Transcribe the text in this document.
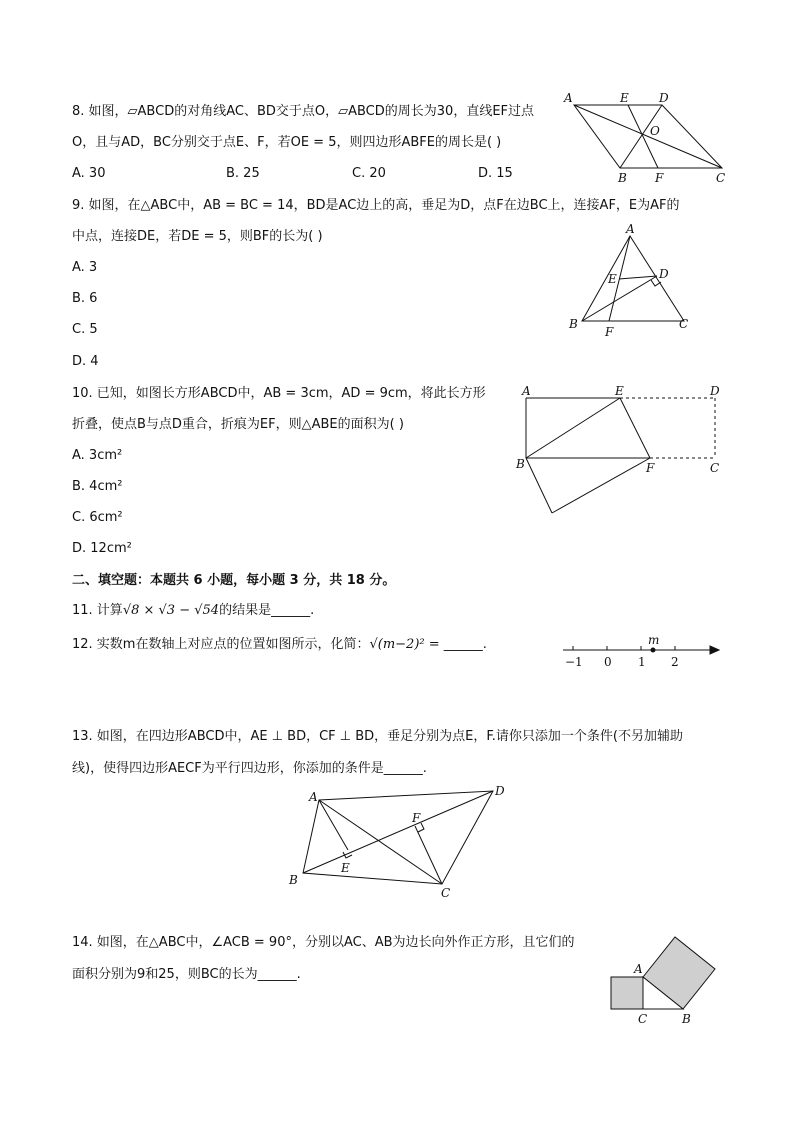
8. 如图，▱ABCD的对角线AC、BD交于点O，▱ABCD的周长为30，直线EF过点
O，且与AD，BC分别交于点E、F，若OE = 5，则四边形ABFE的周长是( )
A. 30	B. 25	C. 20	D. 15
A	E	D
O
B F	C
9. 如图，在△ABC中，AB = BC = 14，BD是AC边上的高，垂足为D，点F在边BC上，连接AF，E为AF的
中点，连接DE，若DE = 5，则BF的长为( )
A. 3
B. 6
C. 5
D. 4
A
E	D
B
F
C
10. 已知，如图长方形ABCD中，AB = 3cm，AD = 9cm，将此长方形
折叠，使点B与点D重合，折痕为EF，则△ABE的面积为( )
A. 3cm²
B. 4cm²
C. 6cm²
D. 12cm²
A	E	D
B	F	C
二、填空题：本题共 6 小题，每小题 3 分，共 18 分。
11. 计算√8 × √3 − √54的结果是______.
12. 实数m在数轴上对应点的位置如图所示，化简：√(m−2)² = ______.
−1 0 1 2
m
13. 如图，在四边形ABCD中，AE ⊥ BD，CF ⊥ BD，垂足分别为点E，F.请你只添加一个条件(不另加辅助
线)，使得四边形AECF为平行四边形，你添加的条件是______.
A	D
F
E
B
C
14. 如图，在△ABC中，∠ACB = 90°，分别以AC、AB为边长向外作正方形，且它们的
面积分别为9和25，则BC的长为______.	A
C	B
